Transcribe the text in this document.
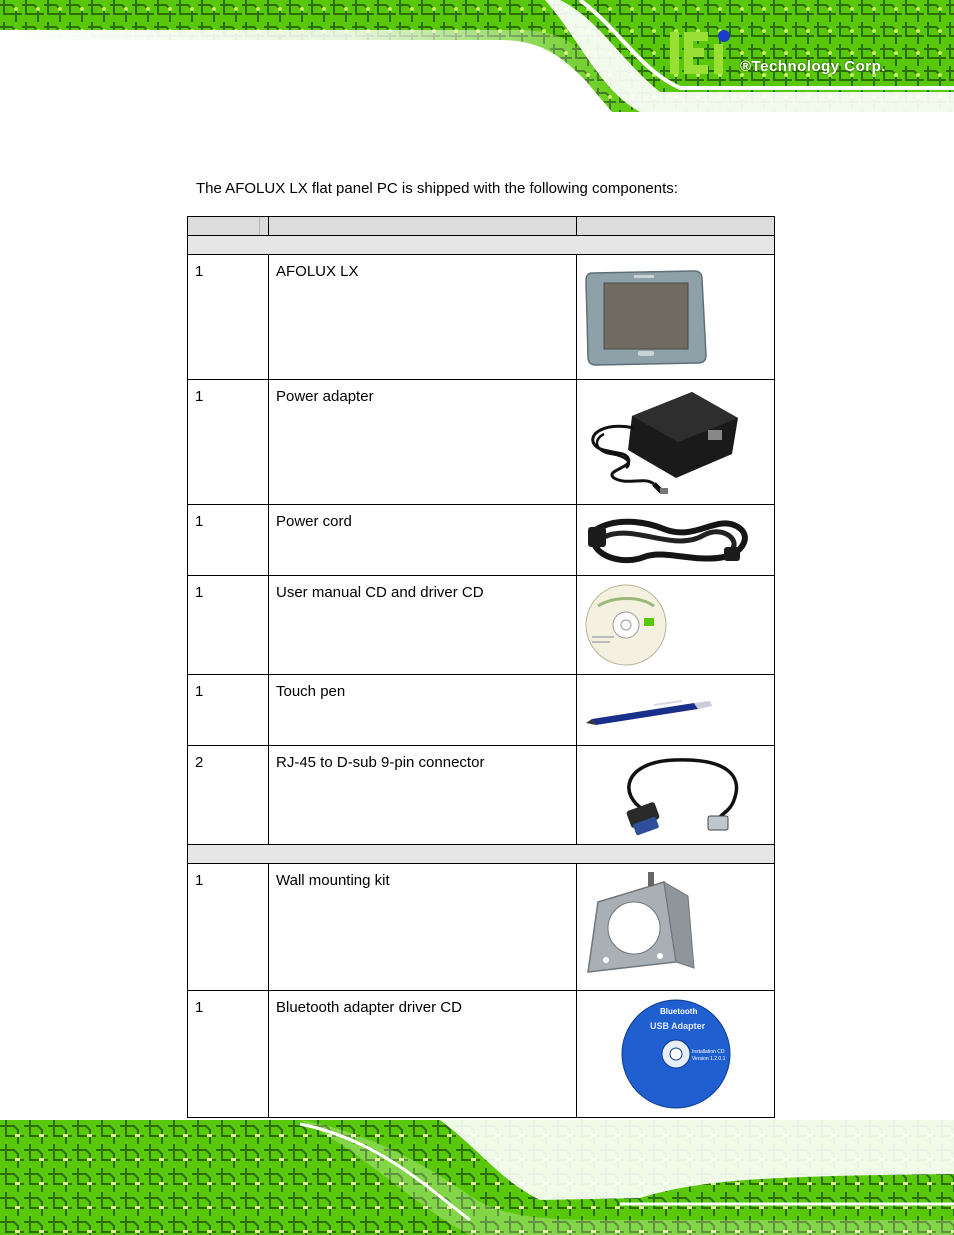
®Technology Corp.

The AFOLUX LX flat panel PC is shipped with the following components:

1	AFOLUX LX	

1	Power adapter	

1	Power cord	

1	User manual CD and driver CD	

1	Touch pen	

2	RJ-45 to D-sub 9-pin connector	

1	Wall mounting kit	

1	Bluetooth adapter driver CD	Bluetooth
USB Adapter
Installation CD
Version 1.2.0.1
